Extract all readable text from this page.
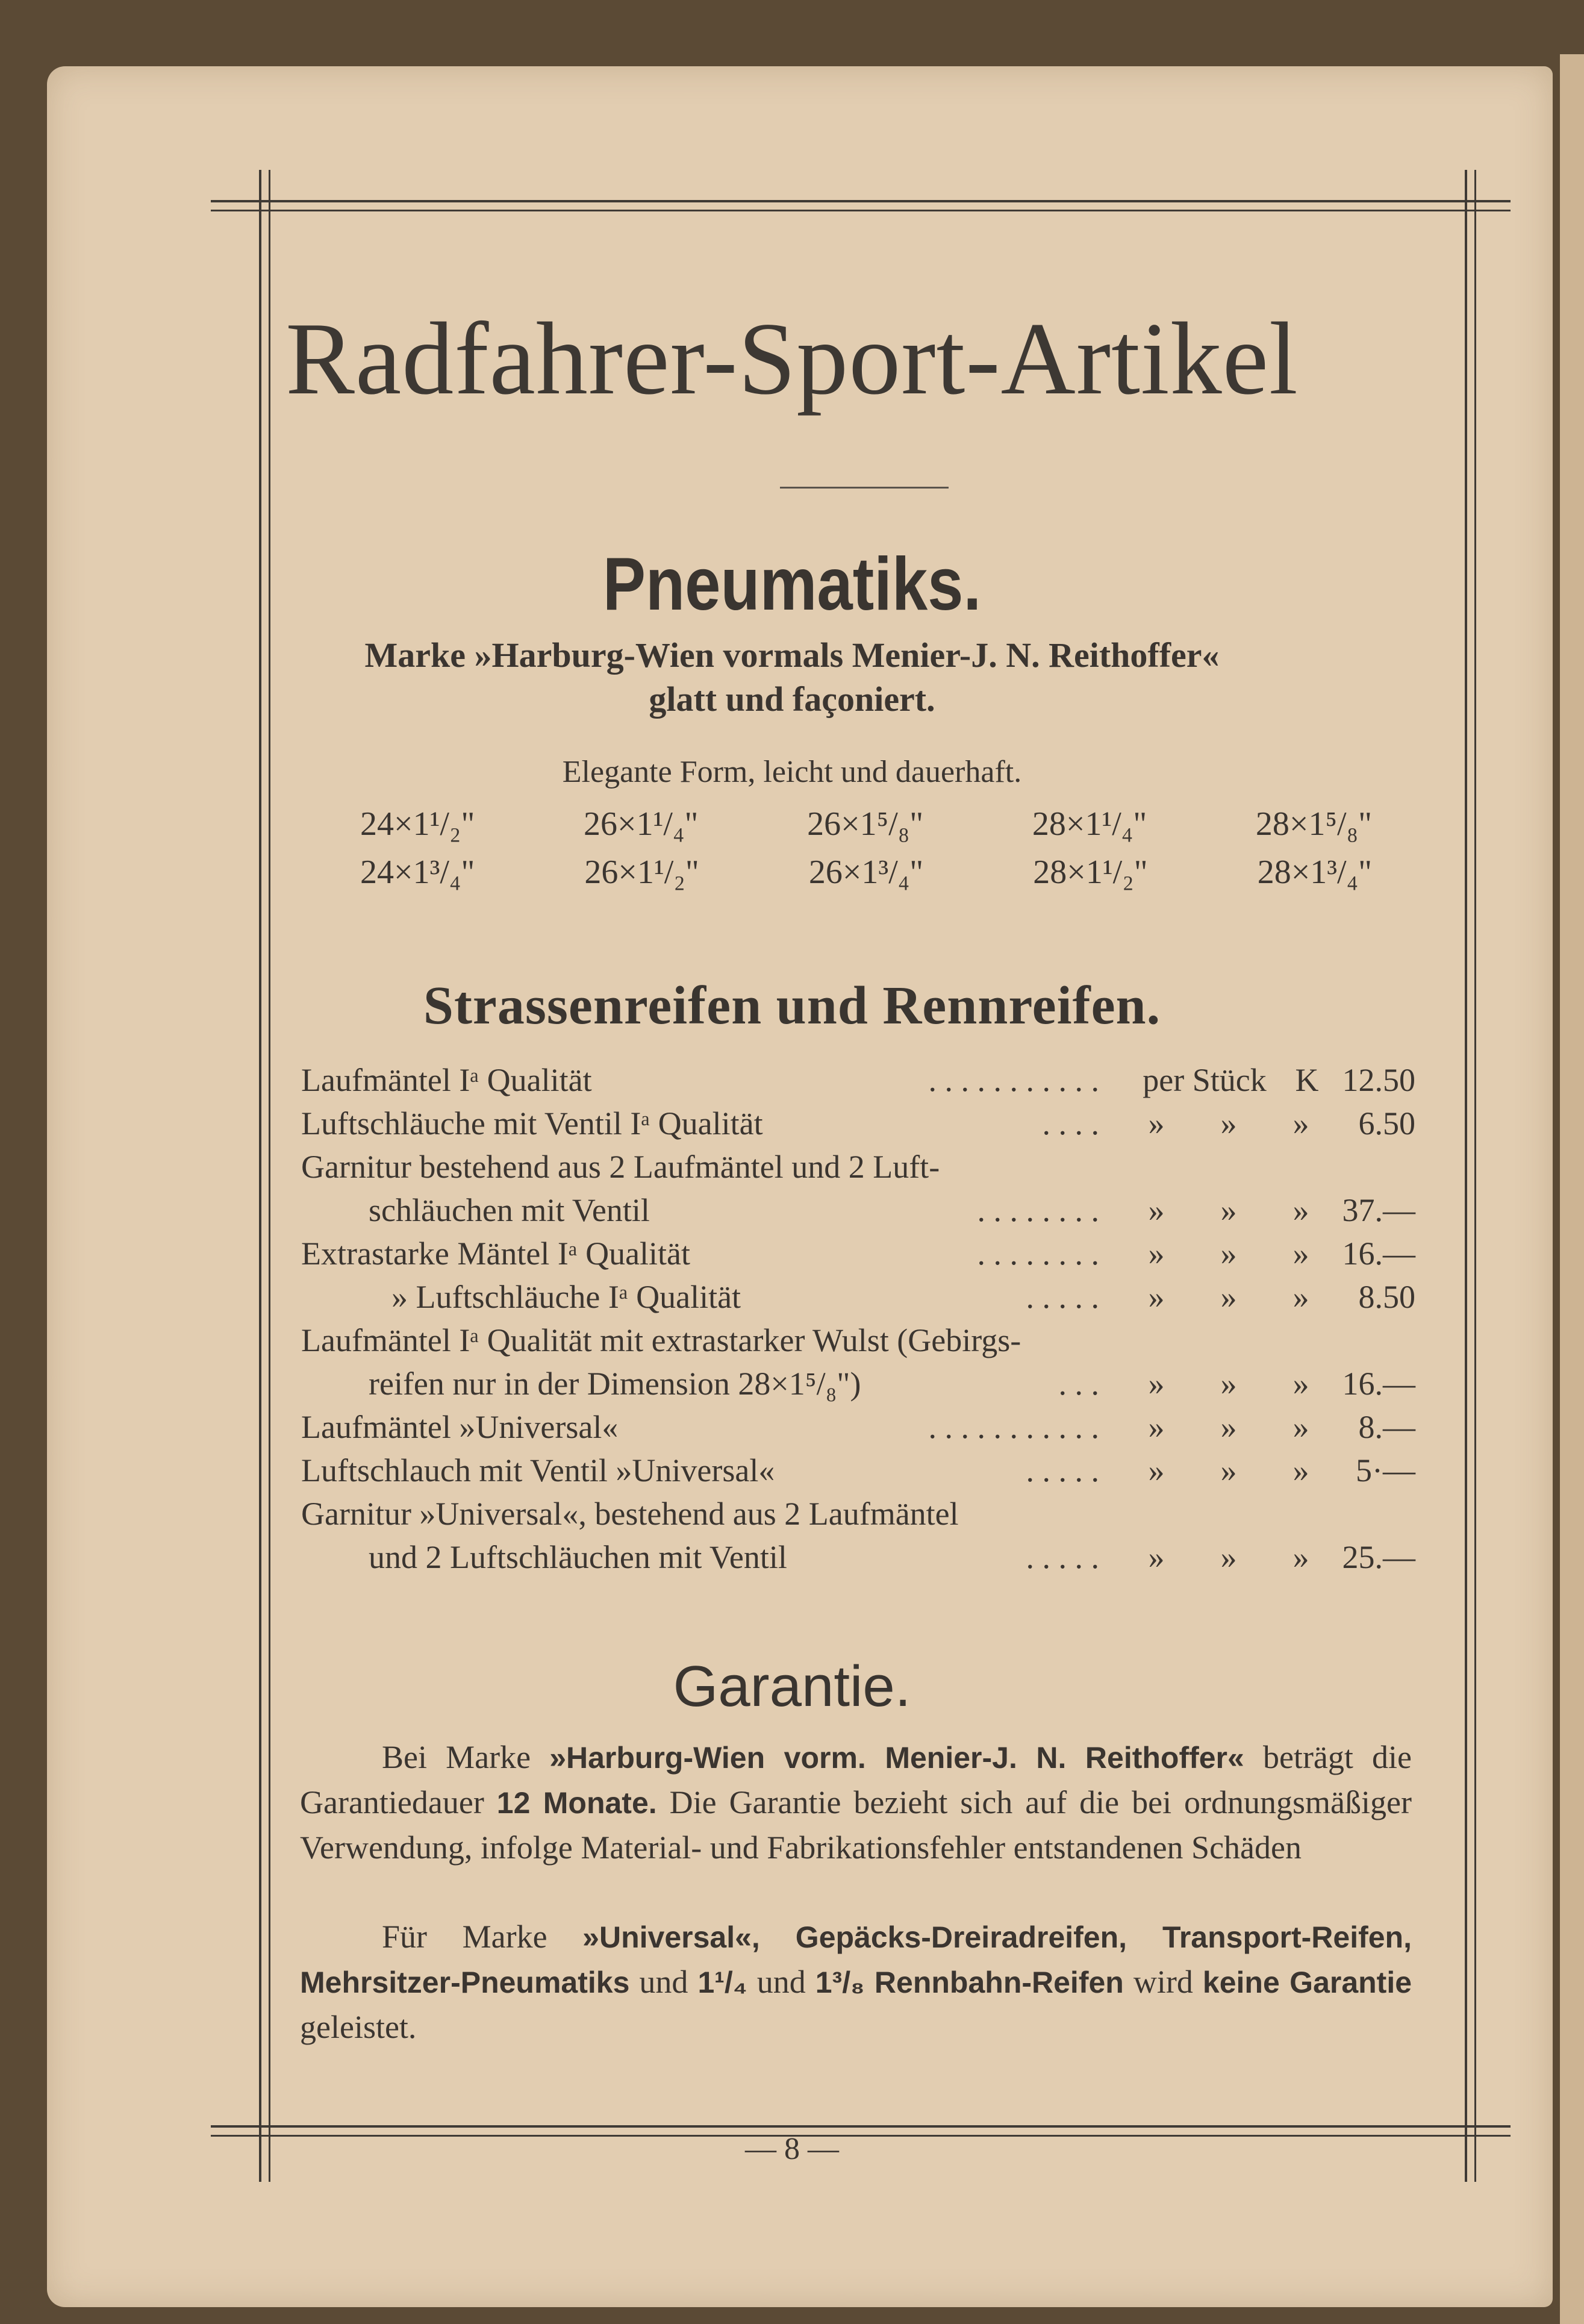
Radfahrer-Sport-Artikel
Pneumatiks.
Marke »Harburg-Wien vormals Menier-J. N. Reithoffer«
glatt und façoniert.
Elegante Form, leicht und dauerhaft.
24×1¹/₂"	26×1¹/₄"	26×1⁵/₈"	28×1¹/₄"	28×1⁵/₈"
24×1³/₄"	26×1¹/₂"	26×1³/₄"	28×1¹/₂"	28×1³/₄"
Strassenreifen und Rennreifen.
Laufmäntel Iᵃ Qualität	. . . . . . . . . . .	per Stück K 12.50
Luftschläuche mit Ventil Iᵃ Qualität	. . . .	»	»	»	6.50
Garnitur bestehend aus 2 Laufmäntel und 2 Luft-
schläuchen mit Ventil	. . . . . . . .	»	»	»	37.—
Extrastarke Mäntel Iᵃ Qualität	. . . . . . . .	»	»	»	16.—
» Luftschläuche Iᵃ Qualität	. . . . .	»	»	»	8.50
Laufmäntel Iᵃ Qualität mit extrastarker Wulst (Gebirgs-
reifen nur in der Dimension 28×1⁵/₈")	. . .	»	»	»	16.—
Laufmäntel »Universal«	. . . . . . . . . . .	»	»	»	8.—
Luftschlauch mit Ventil »Universal«	. . . . .	»	»	»	5·—
Garnitur »Universal«, bestehend aus 2 Laufmäntel
und 2 Luftschläuchen mit Ventil	. . . . .	»	»	»	25.—
Garantie.
Bei Marke »Harburg-Wien vorm. Menier-J. N. Reithoffer« beträgt die Garantiedauer 12 Monate. Die Garantie bezieht sich auf die bei ordnungsmäßiger Verwendung, infolge Material- und Fabrikationsfehler entstandenen Schäden
Für Marke »Universal«, Gepäcks-Dreiradreifen, Transport-Reifen, Mehrsitzer-Pneumatiks und 1¹/₄ und 1³/₈ Rennbahn-Reifen wird keine Garantie geleistet.
— 8 —
